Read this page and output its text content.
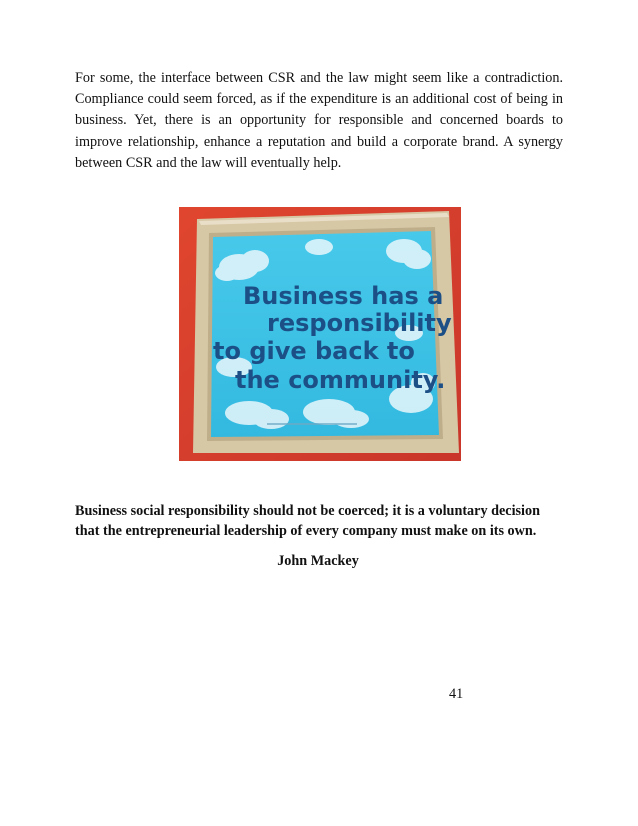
For some, the interface between CSR and the law might seem like a contradiction. Compliance could seem forced, as if the expenditure is an additional cost of being in business. Yet, there is an opportunity for responsible and concerned boards to improve relationship, enhance a reputation and build a corporate brand. A synergy between CSR and the law will eventually help.

Business has a
responsibility
to give back to
the community.

Business social responsibility should not be coerced; it is a voluntary decision that the entrepreneurial leadership of every company must make on its own.

John Mackey

41
